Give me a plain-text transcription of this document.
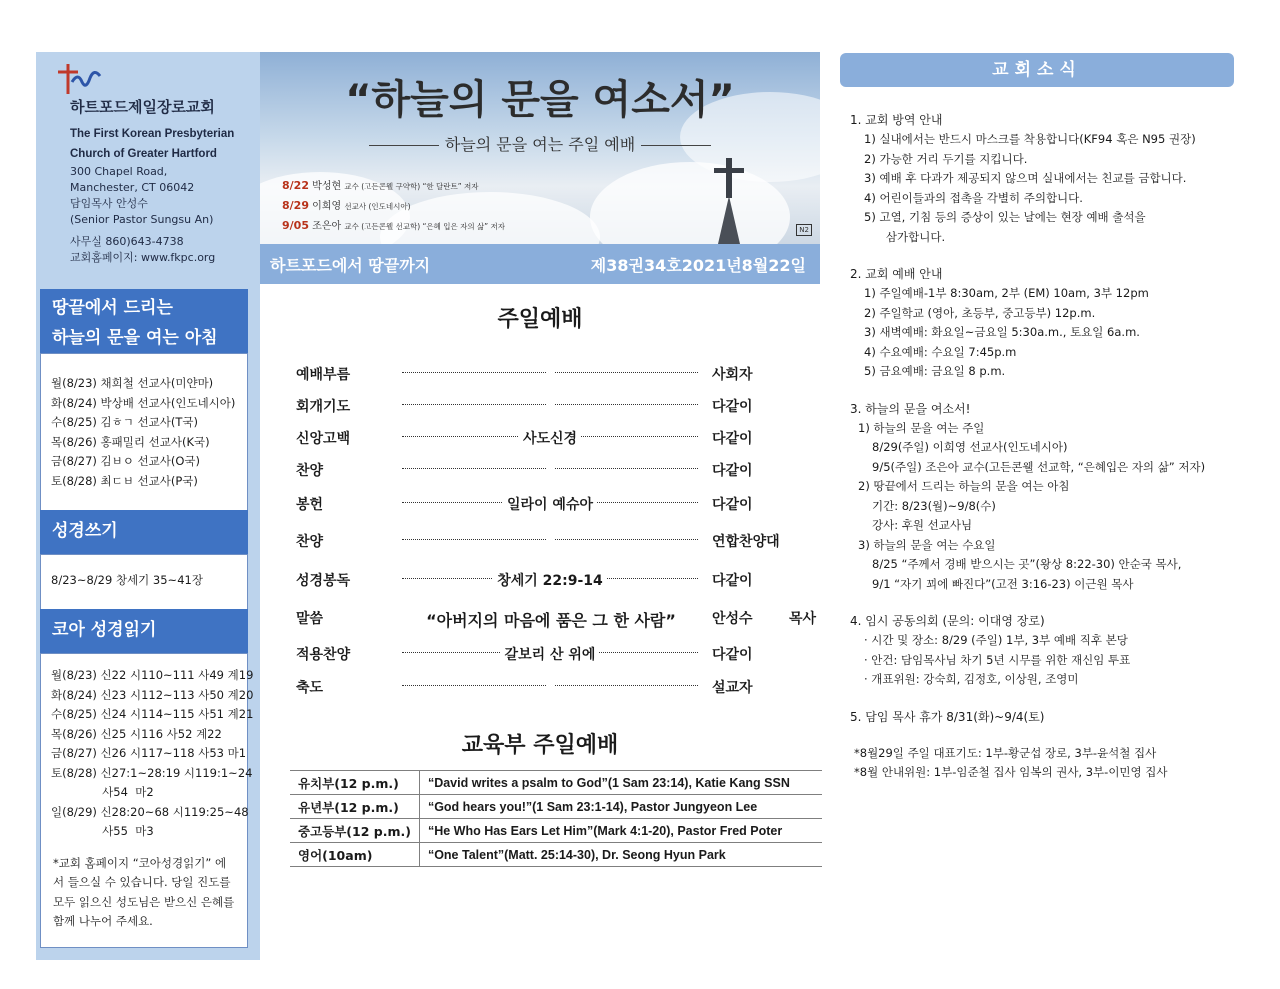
하트포드제일장로교회
The First Korean Presbyterian
Church of Greater Hartford
300 Chapel Road,
Manchester, CT 06042
담임목사 안성수
(Senior Pastor Sungsu An)
사무실 860)643-4738
교회홈페이지: www.fkpc.org
땅끝에서 드리는
하늘의 문을 여는 아침
월(8/23) 채희철 선교사(미얀마)
화(8/24) 박상배 선교사(인도네시아)
수(8/25) 김ㅎㄱ 선교사(T국)
목(8/26) 홍패밀리 선교사(K국)
금(8/27) 김ㅂㅇ 선교사(O국)
토(8/28) 최ㄷㅂ 선교사(P국)
성경쓰기
8/23~8/29 창세기 35~41장
코아 성경읽기
월(8/23) 신22 시110~111 사49 계19
화(8/24) 신23 시112~113 사50 계20
수(8/25) 신24 시114~115 사51 계21
목(8/26) 신25 시116 사52 계22
금(8/27) 신26 시117~118 사53 마1
토(8/28) 신27:1~28:19 시119:1~24
사54  마2
일(8/29) 신28:20~68 시119:25~48
사55  마3
*교회 홈페이지 “코아성경읽기” 에서 들으실 수 있습니다. 당일 진도를 모두 읽으신 성도님은 받으신 은혜를 함께 나누어 주세요.
“하늘의 문을 여소서”
하늘의 문을 여는 주일 예배
8/22 박성현 교수 (고든콘웰 구약학) “한 달란트” 저자
8/29 이희영 선교사 (인도네시아)
9/05 조은아 교수 (고든콘웰 선교학) “은혜 입은 자의 삶” 저자	N2
하트포드에서 땅끝까지	제38권34호2021년8월22일
주일예배
예배부름	사회자
회개기도	다같이
신앙고백	사도신경	다같이
찬양	다같이
봉헌	일라이 예슈아	다같이
찬양	연합찬양대
성경봉독	창세기 22:9-14	다같이
말씀	“아버지의 마음에 품은 그 한 사람”	안성수 목사
적용찬양	갈보리 산 위에	다같이
축도	설교자
교육부 주일예배
유치부(12 p.m.)	“David writes a psalm to God”(1 Sam 23:14), Katie Kang SSN
유년부(12 p.m.)	“God hears you!”(1 Sam 23:1-14), Pastor Jungyeon Lee
중고등부(12 p.m.)	“He Who Has Ears Let Him”(Mark 4:1-20), Pastor Fred Poter
영어(10am)	“One Talent”(Matt. 25:14-30), Dr. Seong Hyun Park
교회소식
1. 교회 방역 안내
1) 실내에서는 반드시 마스크를 착용합니다(KF94 혹은 N95 권장)
2) 가능한 거리 두기를 지킵니다.
3) 예배 후 다과가 제공되지 않으며 실내에서는 친교를 금합니다.
4) 어린이들과의 접촉을 각별히 주의합니다.
5) 고열, 기침 등의 증상이 있는 날에는 현장 예배 출석을
삼가합니다.
2. 교회 예배 안내
1) 주일예배-1부 8:30am, 2부 (EM) 10am, 3부 12pm
2) 주일학교 (영아, 초등부, 중고등부) 12p.m.
3) 새벽예배: 화요일~금요일 5:30a.m., 토요일 6a.m.
4) 수요예배: 수요일 7:45p.m
5) 금요예배: 금요일 8 p.m.
3. 하늘의 문을 여소서!
1) 하늘의 문을 여는 주일
8/29(주일) 이희영 선교사(인도네시아)
9/5(주일) 조은아 교수(고든콘웰 선교학, “은혜입은 자의 삶” 저자)
2) 땅끝에서 드리는 하늘의 문을 여는 아침
기간: 8/23(월)~9/8(수)
강사: 후원 선교사님
3) 하늘의 문을 여는 수요일
8/25 “주께서 경배 받으시는 곳”(왕상 8:22-30) 안순국 목사,
9/1 “자기 꾀에 빠진다”(고전 3:16-23) 이근원 목사
4. 임시 공동의회 (문의: 이대영 장로)
· 시간 및 장소: 8/29 (주일) 1부, 3부 예배 직후 본당
· 안건: 담임목사님 차기 5년 시무를 위한 재신임 투표
· 개표위원: 강숙희, 김정호, 이상원, 조영미
5. 담임 목사 휴가 8/31(화)~9/4(토)
*8월29일 주일 대표기도: 1부-황군섭 장로, 3부-윤석철 집사
*8월 안내위원: 1부-임준철 집사 임복의 권사, 3부-이민영 집사
